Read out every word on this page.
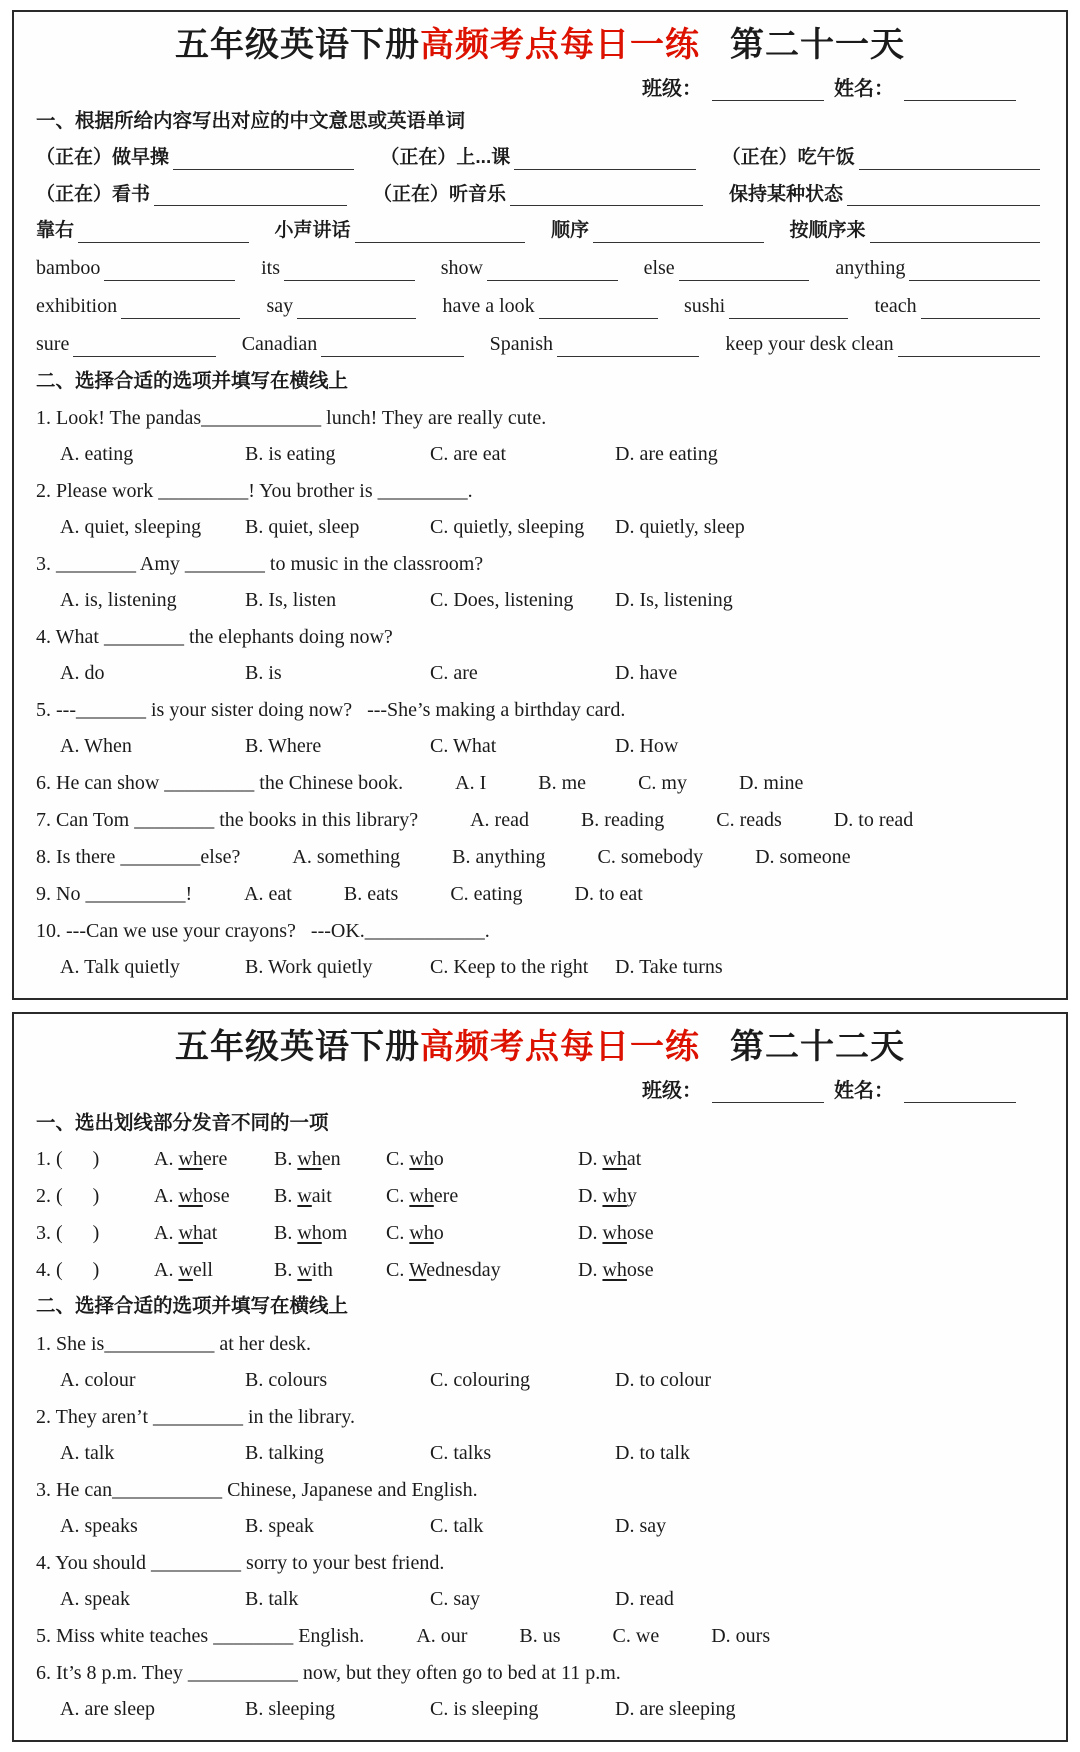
五年级英语下册高频考点每日一练 第二十一天
班级：	姓名：
一、根据所给内容写出对应的中文意思或英语单词
（正在）做早操	（正在）上...课	（正在）吃午饭
（正在）看书	（正在）听音乐	保持某种状态
靠右	小声讲话	顺序	按顺序来
bamboo	its	show	else	anything
exhibition	say	have a look	sushi	teach
sure	Canadian	Spanish	keep your desk clean
二、选择合适的选项并填写在横线上
1. Look! The pandas____________ lunch! They are really cute.
A. eating	B. is eating	C. are eat	D. are eating
2. Please work _________! You brother is _________.
A. quiet, sleeping	B. quiet, sleep	C. quietly, sleeping	D. quietly, sleep
3. ________ Amy ________ to music in the classroom?
A. is, listening	B. Is, listen	C. Does, listening	D. Is, listening
4. What ________ the elephants doing now?
A. do	B. is	C. are	D. have
5. ---_______ is your sister doing now?   ---She’s making a birthday card.
A. When	B. Where	C. What	D. How
6. He can show _________ the Chinese book.	A. I	B. me	C. my	D. mine
7. Can Tom ________ the books in this library?	A. read	B. reading	C. reads	D. to read
8. Is there ________else?	A. something	B. anything	C. somebody	D. someone
9. No __________!	A. eat	B. eats	C. eating	D. to eat
10. ---Can we use your crayons?   ---OK.____________.
A. Talk quietly	B. Work quietly	C. Keep to the right	D. Take turns
五年级英语下册高频考点每日一练 第二十二天
班级：	姓名：
一、选出划线部分发音不同的一项
1. (      )	A. where	B. when	C. who	D. what
2. (      )	A. whose	B. wait	C. where	D. why
3. (      )	A. what	B. whom	C. who	D. whose
4. (      )	A. well	B. with	C. Wednesday	D. whose
二、选择合适的选项并填写在横线上
1. She is___________ at her desk.
A. colour	B. colours	C. colouring	D. to colour
2. They aren’t _________ in the library.
A. talk	B. talking	C. talks	D. to talk
3. He can___________ Chinese, Japanese and English.
A. speaks	B. speak	C. talk	D. say
4. You should _________ sorry to your best friend.
A. speak	B. talk	C. say	D. read
5. Miss white teaches ________ English.	A. our	B. us	C. we	D. ours
6. It’s 8 p.m. They ___________ now, but they often go to bed at 11 p.m.
A. are sleep	B. sleeping	C. is sleeping	D. are sleeping
